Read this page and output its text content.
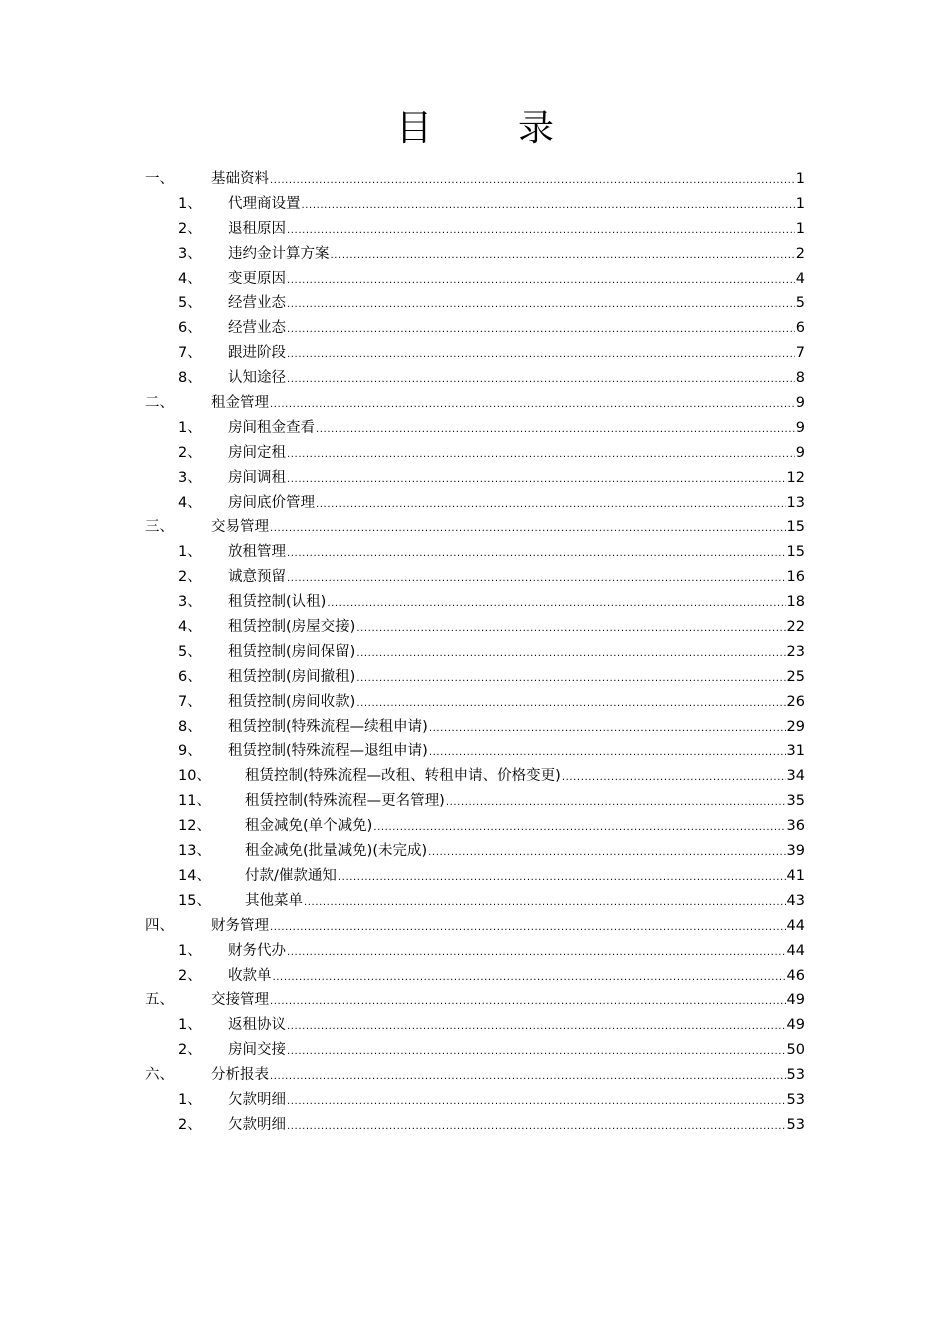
目 录
一、	基础资料 .....	1
1、 代理商设置 .....	1
2、 退租原因 .....	1
3、 违约金计算方案 .....	2
4、 变更原因 .....	4
5、 经营业态 .....	5
6、 经营业态 .....	6
7、 跟进阶段 .....	7
8、 认知途径 .....	8
二、	租金管理 .....	9
1、 房间租金查看 .....	9
2、 房间定租 .....	9
3、 房间调租 .....	12
4、 房间底价管理 .....	13
三、	交易管理 .....	15
1、 放租管理 .....	15
2、 诚意预留 .....	16
3、 租赁控制(认租) .....	18
4、 租赁控制(房屋交接) .....	22
5、 租赁控制(房间保留) .....	23
6、 租赁控制(房间撤租) .....	25
7、 租赁控制(房间收款) .....	26
8、 租赁控制(特殊流程—续租申请) .....	29
9、 租赁控制(特殊流程—退组申请) .....	31
10、 租赁控制(特殊流程—改租、转租申请、价格变更) .....	34
11、 租赁控制(特殊流程—更名管理) .....	35
12、 租金减免(单个减免) .....	36
13、 租金减免(批量减免)(未完成) .....	39
14、 付款/催款通知 .....	41
15、 其他菜单 .....	43
四、	财务管理 .....	44
1、 财务代办 .....	44
2、 收款单 .....	46
五、	交接管理 .....	49
1、 返租协议 .....	49
2、 房间交接 .....	50
六、	分析报表 .....	53
1、 欠款明细 .....	53
2、 欠款明细 .....	53
